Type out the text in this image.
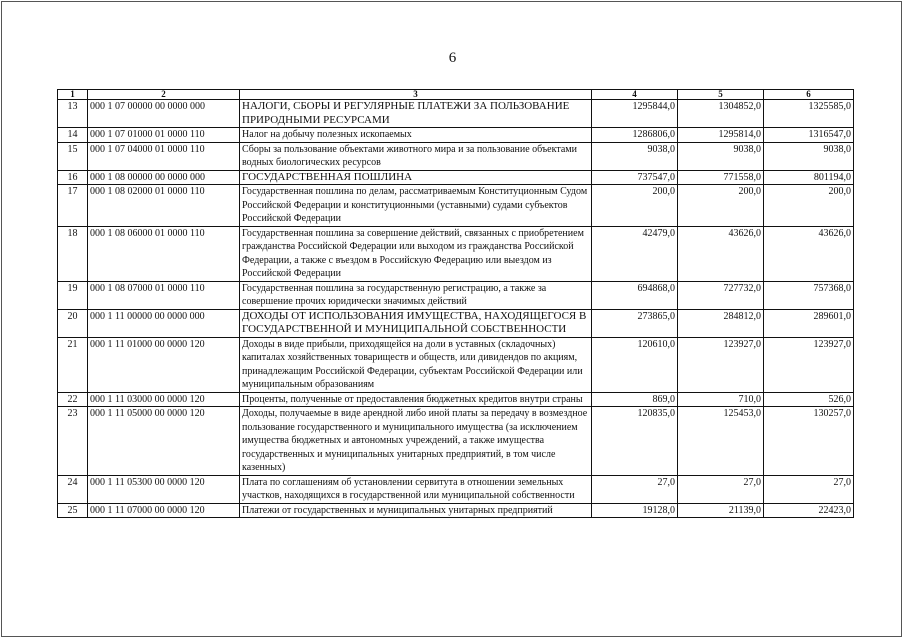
6
1	2	3	4	5	6
13	000 1 07 00000 00 0000 000	НАЛОГИ, СБОРЫ И РЕГУЛЯРНЫЕ ПЛАТЕЖИ ЗА ПОЛЬЗОВАНИЕ ПРИРОДНЫМИ РЕСУРСАМИ	1295844,0	1304852,0	1325585,0
14	000 1 07 01000 01 0000 110	Налог на добычу полезных ископаемых	1286806,0	1295814,0	1316547,0
15	000 1 07 04000 01 0000 110	Сборы за пользование объектами животного мира и за пользование объектами водных биологических ресурсов	9038,0	9038,0	9038,0
16	000 1 08 00000 00 0000 000	ГОСУДАРСТВЕННАЯ ПОШЛИНА	737547,0	771558,0	801194,0
17	000 1 08 02000 01 0000 110	Государственная пошлина по делам, рассматриваемым Конституционным Судом Российской Федерации и конституционными (уставными) судами субъектов Российской Федерации	200,0	200,0	200,0
18	000 1 08 06000 01 0000 110	Государственная пошлина за совершение действий, связанных с приобретением гражданства Российской Федерации или выходом из гражданства Российской Федерации, а также с въездом в Российскую Федерацию или выездом из Российской Федерации	42479,0	43626,0	43626,0
19	000 1 08 07000 01 0000 110	Государственная пошлина за государственную регистрацию, а также за совершение прочих юридически значимых действий	694868,0	727732,0	757368,0
20	000 1 11 00000 00 0000 000	ДОХОДЫ ОТ ИСПОЛЬЗОВАНИЯ ИМУЩЕСТВА, НАХОДЯЩЕГОСЯ В ГОСУДАРСТВЕННОЙ И МУНИЦИПАЛЬНОЙ СОБСТВЕННОСТИ	273865,0	284812,0	289601,0
21	000 1 11 01000 00 0000 120	Доходы в виде прибыли, приходящейся на доли в уставных (складочных) капиталах хозяйственных товариществ и обществ, или дивидендов по акциям, принадлежащим Российской Федерации, субъектам Российской Федерации или муниципальным образованиям	120610,0	123927,0	123927,0
22	000 1 11 03000 00 0000 120	Проценты, полученные от предоставления бюджетных кредитов внутри страны	869,0	710,0	526,0
23	000 1 11 05000 00 0000 120	Доходы, получаемые в виде арендной либо иной платы за передачу в возмездное пользование государственного и муниципального имущества (за исключением имущества бюджетных и автономных учреждений, а также имущества государственных и муниципальных унитарных предприятий, в том числе казенных)	120835,0	125453,0	130257,0
24	000 1 11 05300 00 0000 120	Плата по соглашениям об установлении сервитута в отношении земельных участков, находящихся в государственной или муниципальной собственности	27,0	27,0	27,0
25	000 1 11 07000 00 0000 120	Платежи от государственных и муниципальных унитарных предприятий	19128,0	21139,0	22423,0
